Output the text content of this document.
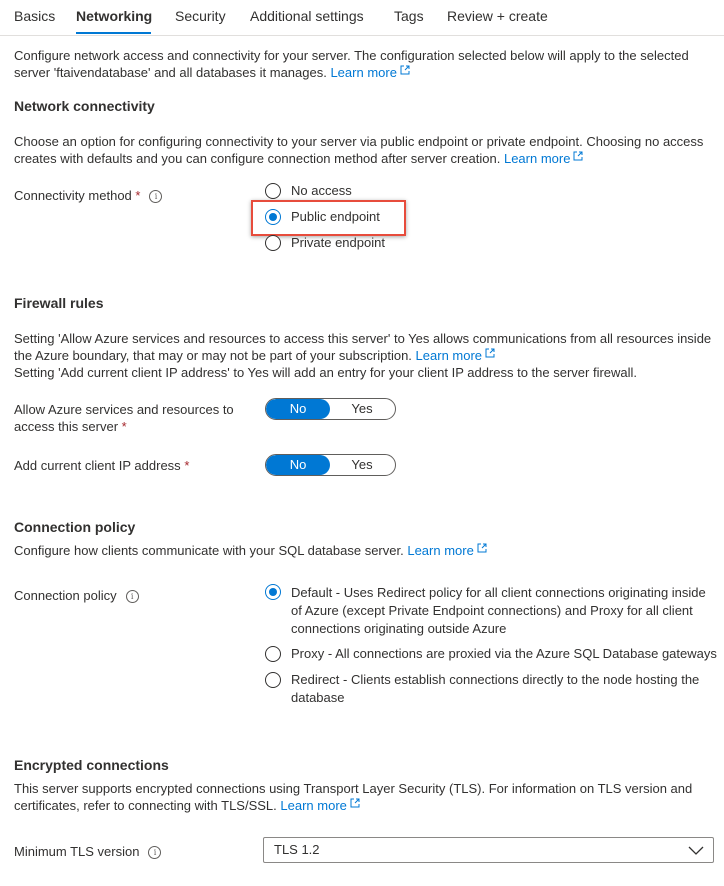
Basics Networking Security Additional settings Tags Review + create
Configure network access and connectivity for your server. The configuration selected below will apply to the selected
server 'ftaivendatabase' and all databases it manages. Learn more
Network connectivity
Choose an option for configuring connectivity to your server via public endpoint or private endpoint. Choosing no access
creates with defaults and you can configure connection method after server creation. Learn more
Connectivity method * i	No access
Public endpoint
Private endpoint
Firewall rules
Setting 'Allow Azure services and resources to access this server' to Yes allows communications from all resources inside
the Azure boundary, that may or may not be part of your subscription. Learn more
Setting 'Add current client IP address' to Yes will add an entry for your client IP address to the server firewall.
Allow Azure services and resources to
access this server *
No	Yes
Add current client IP address *	No	Yes
Connection policy
Configure how clients communicate with your SQL database server. Learn more
Connection policy i	Default - Uses Redirect policy for all client connections originating inside
of Azure (except Private Endpoint connections) and Proxy for all client
connections originating outside Azure
Proxy - All connections are proxied via the Azure SQL Database gateways
Redirect - Clients establish connections directly to the node hosting the
database
Encrypted connections
This server supports encrypted connections using Transport Layer Security (TLS). For information on TLS version and
certificates, refer to connecting with TLS/SSL. Learn more
Minimum TLS version i	TLS 1.2
